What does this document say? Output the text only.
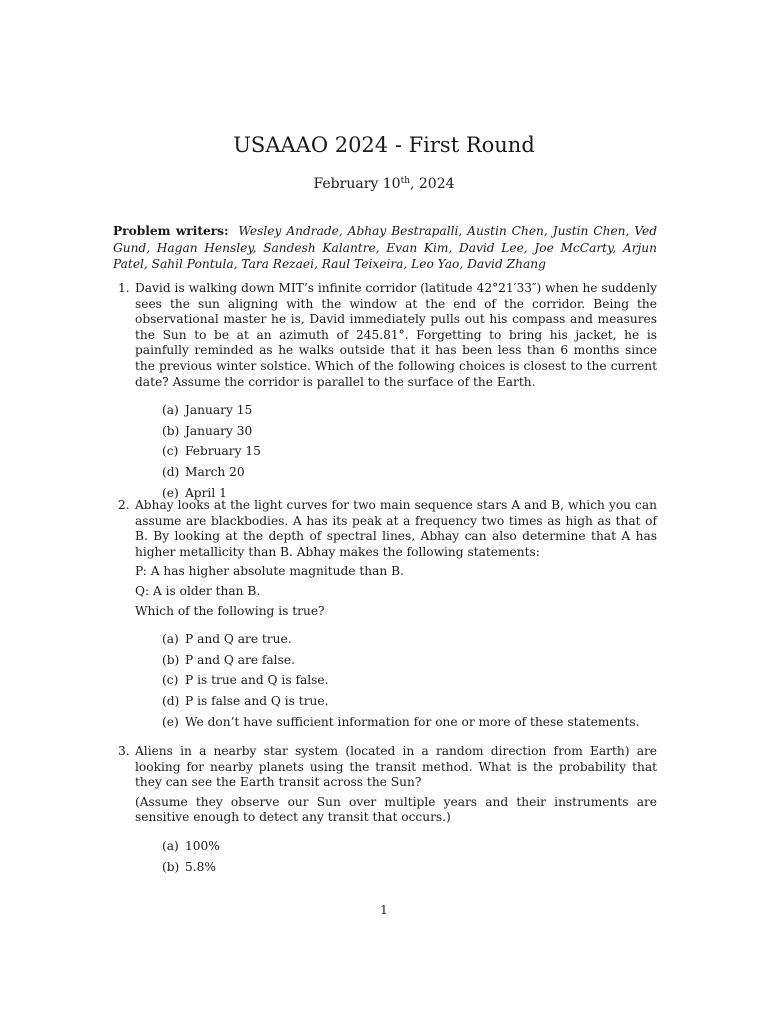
USAAAO 2024 - First Round
February 10th, 2024
Problem writers: Wesley Andrade, Abhay Bestrapalli, Austin Chen, Justin Chen, Ved Gund, Hagan Hensley, Sandesh Kalantre, Evan Kim, David Lee, Joe McCarty, Arjun Patel, Sahil Pontula, Tara Rezaei, Raul Teixeira, Leo Yao, David Zhang
1. David is walking down MIT’s infinite corridor (latitude 42°21′33″) when he suddenly sees the sun aligning with the window at the end of the corridor. Being the observational master he is, David immediately pulls out his compass and measures the Sun to be at an azimuth of 245.81°. Forgetting to bring his jacket, he is painfully reminded as he walks outside that it has been less than 6 months since the previous winter solstice. Which of the following choices is closest to the current date? Assume the corridor is parallel to the surface of the Earth.
(a) January 15
(b) January 30
(c) February 15
(d) March 20
(e) April 1
2. Abhay looks at the light curves for two main sequence stars A and B, which you can assume are blackbodies. A has its peak at a frequency two times as high as that of B. By looking at the depth of spectral lines, Abhay can also determine that A has higher metallicity than B. Abhay makes the following statements:
P: A has higher absolute magnitude than B.
Q: A is older than B.
Which of the following is true?
(a) P and Q are true.
(b) P and Q are false.
(c) P is true and Q is false.
(d) P is false and Q is true.
(e) We don’t have sufficient information for one or more of these statements.
3. Aliens in a nearby star system (located in a random direction from Earth) are looking for nearby planets using the transit method. What is the probability that they can see the Earth transit across the Sun?
(Assume they observe our Sun over multiple years and their instruments are sensitive enough to detect any transit that occurs.)
(a) 100%
(b) 5.8%
1
